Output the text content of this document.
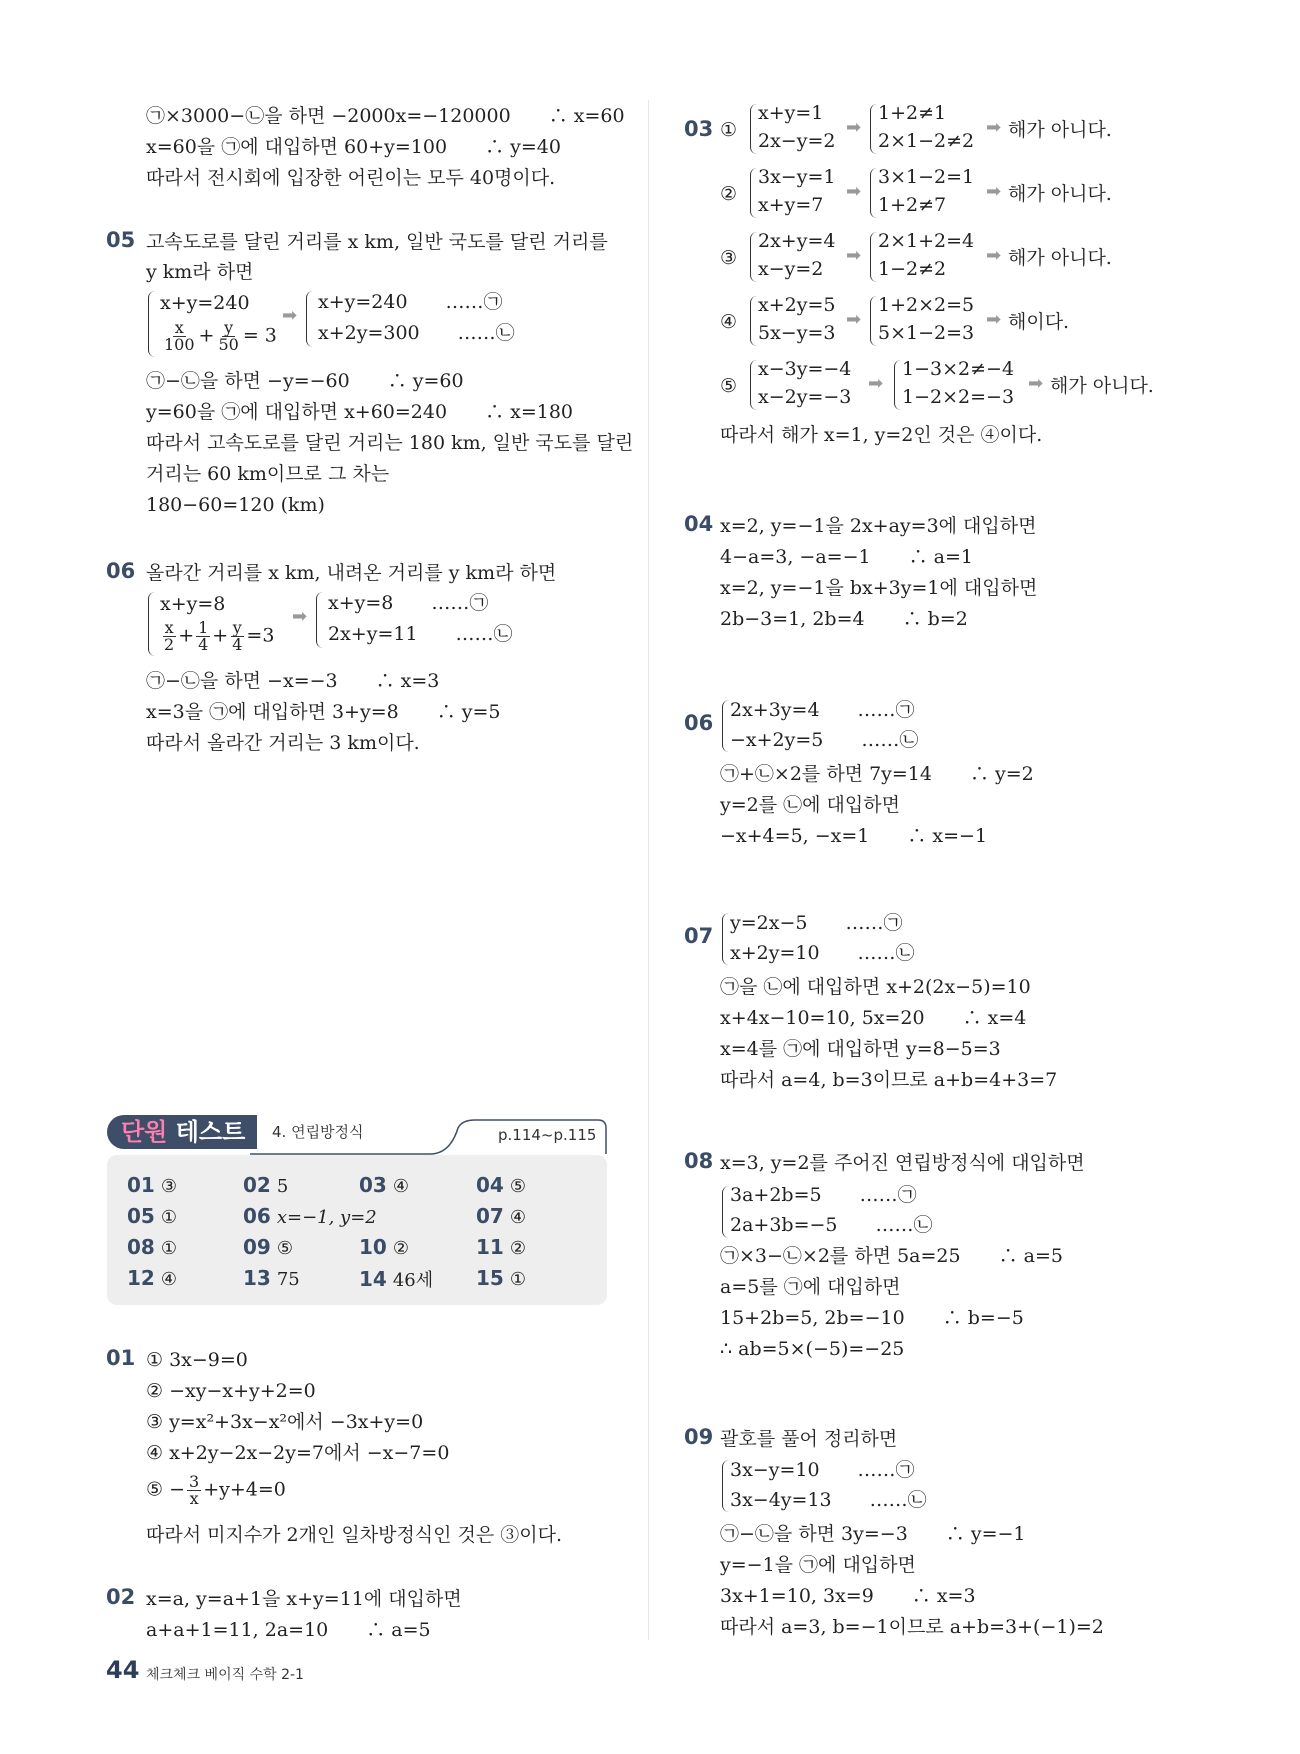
㉠×3000−㉡을 하면 −2000x=−120000　　∴ x=60
x=60을 ㉠에 대입하면 60+y=100　　∴ y=40
따라서 전시회에 입장한 어린이는 모두 40명이다.
05 고속도로를 달린 거리를 x km, 일반 국도를 달린 거리를
y km라 하면
x+y=240
$\frac{x}{100} + \frac{y}{50} = 3$
➡
x+y=240　　……㉠
x+2y=300　　……㉡
㉠−㉡을 하면 −y=−60　　∴ y=60
y=60을 ㉠에 대입하면 x+60=240　　∴ x=180
따라서 고속도로를 달린 거리는 180 km, 일반 국도를 달린
거리는 60 km이므로 그 차는
180−60=120 (km)
06 올라간 거리를 x km, 내려온 거리를 y km라 하면
x+y=8
$\frac{x}{2} + \frac{1}{4} + \frac{y}{4} =3$
➡
x+y=8　　……㉠
2x+y=11　　……㉡
㉠−㉡을 하면 −x=−3　　∴ x=3
x=3을 ㉠에 대입하면 3+y=8　　∴ y=5
따라서 올라간 거리는 3 km이다.
단원 테스트 4. 연립방정식	p.114~p.115
01 ③	02 5	03 ④	04 ⑤
05 ①	06 x=−1, y=2	07 ④
08 ①	09 ⑤	10 ②	11 ②
12 ④	13 75	14 46세 15 ①
01 ① 3x−9=0
② −xy−x+y+2=0
③ y=x²+3x−x²에서 −3x+y=0
④ x+2y−2x−2y=7에서 −x−7=0
⑤ − $\frac{3}{x} +y+4=0$
따라서 미지수가 2개인 일차방정식인 것은 ③이다.
02 x=a, y=a+1을 x+y=11에 대입하면
a+a+1=11, 2a=10　　∴ a=5
44 체크체크 베이직 수학 2-1
03 ①
x+y=1
2x−y=2
➡
1+2≠1
2×1−2≠2
➡ 해가 아니다.
②
3x−y=1
x+y=7
➡
3×1−2=1
1+2≠7
➡ 해가 아니다.
③
2x+y=4
x−y=2
➡
2×1+2=4
1−2≠2
➡ 해가 아니다.
④
x+2y=5
5x−y=3
➡
1+2×2=5
5×1−2=3
➡ 해이다.
⑤
x−3y=−4
x−2y=−3
➡
1−3×2≠−4
1−2×2=−3
➡ 해가 아니다.
따라서 해가 x=1, y=2인 것은 ④이다.
04 x=2, y=−1을 2x+ay=3에 대입하면
4−a=3, −a=−1　　∴ a=1
x=2, y=−1을 bx+3y=1에 대입하면
2b−3=1, 2b=4　　∴ b=2
06
2x+3y=4　　……㉠
−x+2y=5　　……㉡
㉠+㉡×2를 하면 7y=14　　∴ y=2
y=2를 ㉡에 대입하면
−x+4=5, −x=1　　∴ x=−1
07
y=2x−5　　……㉠
x+2y=10　　……㉡
㉠을 ㉡에 대입하면 x+2(2x−5)=10
x+4x−10=10, 5x=20　　∴ x=4
x=4를 ㉠에 대입하면 y=8−5=3
따라서 a=4, b=3이므로 a+b=4+3=7
08 x=3, y=2를 주어진 연립방정식에 대입하면
3a+2b=5　　……㉠
2a+3b=−5　　……㉡
㉠×3−㉡×2를 하면 5a=25　　∴ a=5
a=5를 ㉠에 대입하면
15+2b=5, 2b=−10　　∴ b=−5
∴ ab=5×(−5)=−25
09 괄호를 풀어 정리하면
3x−y=10　　……㉠
3x−4y=13　　……㉡
㉠−㉡을 하면 3y=−3　　∴ y=−1
y=−1을 ㉠에 대입하면
3x+1=10, 3x=9　　∴ x=3
따라서 a=3, b=−1이므로 a+b=3+(−1)=2
